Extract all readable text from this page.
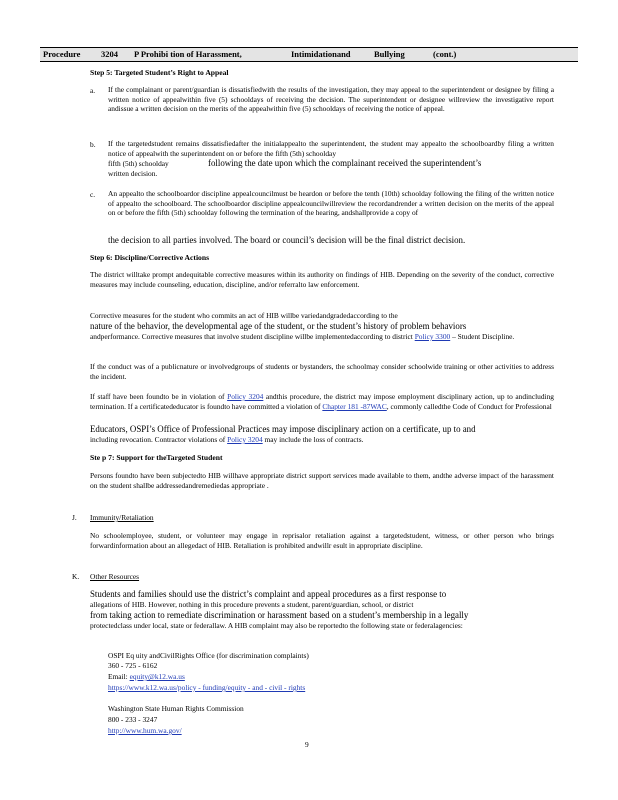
Procedure 3204 P Prohibi tion of Harassment,	Intimidationand	Bullying	(cont.)
Step 5: Targeted Student’s Right to Appeal
a. If the complainant or parent/guardian is dissatisfiedwith the results of the investigation, they may appeal to the superintendent or designee by filing a written notice of appealwithin five (5) schooldays of receiving the decision. The superintendent or designee willreview the investigative report andissue a written decision on the merits of the appealwithin five (5) schooldays of receiving the notice of appeal.
b. If the targetedstudent remains dissatisfiedafter the initialappealto the superintendent, the student may appealto the schoolboardby filing a written notice of appealwith the superintendent on or before the fifth (5th) schoolday
fifth (5th) schoolday	following the date upon which the complainant received the superintendent’s
written decision.
c. An appealto the schoolboardor discipline appealcouncilmust be heardon or before the tenth (10th) schoolday following the filing of the written notice of appealto the schoolboard. The schoolboardor discipline appealcouncilwillreview the recordandrender a written decision on the merits of the appeal on or before the fifth (5th) schoolday following the termination of the hearing, andshallprovide a copy of
the decision to all parties involved. The board or council’s decision will be the final district decision.
Step 6: Discipline/Corrective Actions
The district willtake prompt andequitable corrective measures within its authority on findings of HIB. Depending on the severity of the conduct, corrective measures may include counseling, education, discipline, and/or referralto law enforcement.
Corrective measures for the student who commits an act of HIB willbe variedandgradedaccording to the
nature of the behavior, the developmental age of the student, or the student’s history of problem behaviors
andperformance. Corrective measures that involve student discipline willbe implementedaccording to district Policy 3300 – Student Discipline.
If the conduct was of a publicnature or involvedgroups of students or bystanders, the schoolmay consider schoolwide training or other activities to address the incident.
If staff have been foundto be in violation of Policy 3204 andthis procedure, the district may impose employment disciplinary action, up to andincluding termination. If a certificatededucator is foundto have committed a violation of Chapter 181 -87WAC, commonly calledthe Code of Conduct for Professional
Educators, OSPI’s Office of Professional Practices may impose disciplinary action on a certificate, up to and
including revocation. Contractor violations of Policy 3204 may include the loss of contracts.
Ste p 7: Support for theTargeted Student
Persons foundto have been subjectedto HIB willhave appropriate district support services made available to them, andthe adverse impact of the harassment on the student shallbe addressedandremediedas appropriate .
J. Immunity/Retaliation
No schoolemployee, student, or volunteer may engage in reprisalor retaliation against a targetedstudent, witness, or other person who brings forwardinformation about an allegedact of HIB. Retaliation is prohibited andwillr esult in appropriate discipline.
K. Other Resources
Students and families should use the district’s complaint and appeal procedures as a first response to
allegations of HIB. However, nothing in this procedure prevents a student, parent/guardian, school, or district
from taking action to remediate discrimination or harassment based on a student’s membership in a legally
protectedclass under local, state or federallaw. A HIB complaint may also be reportedto the following state or federalagencies:
OSPI Eq uity andCivilRights Office (for discrimination complaints)
360 - 725 - 6162
Email: equity@k12.wa.us
https://www.k12.wa.us/policy - funding/equity - and - civil - rights
Washington State Human Rights Commission
800 - 233 - 3247
http://www.hum.wa.gov/
9
